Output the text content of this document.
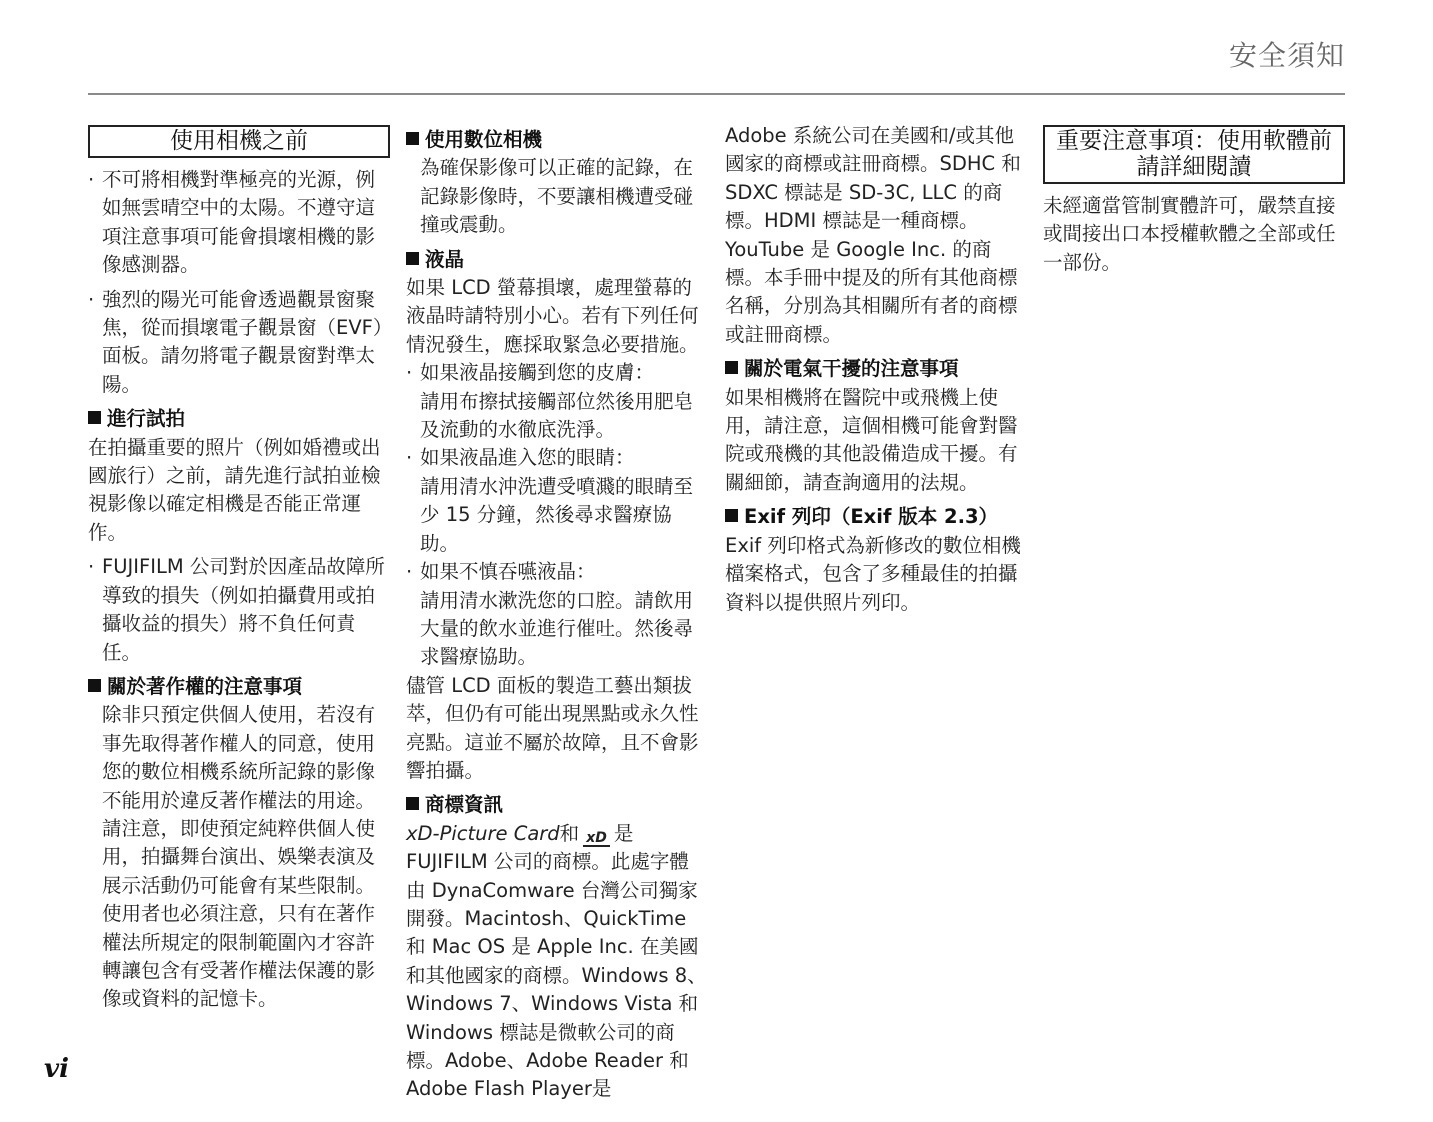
安全須知
使用相機之前

· 不可將相機對準極亮的光源，例如無雲晴空中的太陽。不遵守這項注意事項可能會損壞相機的影像感測器。

· 強烈的陽光可能會透過觀景窗聚焦，從而損壞電子觀景窗（EVF）面板。請勿將電子觀景窗對準太陽。

進行試拍

在拍攝重要的照片（例如婚禮或出國旅行）之前，請先進行試拍並檢視影像以確定相機是否能正常運作。

· FUJIFILM 公司對於因產品故障所導致的損失（例如拍攝費用或拍攝收益的損失）將不負任何責任。

關於著作權的注意事項

除非只預定供個人使用，若沒有事先取得著作權人的同意，使用您的數位相機系統所記錄的影像不能用於違反著作權法的用途。請注意，即使預定純粹供個人使用，拍攝舞台演出、娛樂表演及展示活動仍可能會有某些限制。使用者也必須注意，只有在著作權法所規定的限制範圍內才容許轉讓包含有受著作權法保護的影像或資料的記憶卡。

使用數位相機

為確保影像可以正確的記錄，在記錄影像時，不要讓相機遭受碰撞或震動。

液晶

如果 LCD 螢幕損壞，處理螢幕的液晶時請特別小心。若有下列任何情況發生，應採取緊急必要措施。

· 如果液晶接觸到您的皮膚：

請用布擦拭接觸部位然後用肥皂及流動的水徹底洗淨。

· 如果液晶進入您的眼睛：

請用清水沖洗遭受噴濺的眼睛至少 15 分鐘，然後尋求醫療協助。

· 如果不慎吞嚥液晶：

請用清水漱洗您的口腔。請飲用大量的飲水並進行催吐。然後尋求醫療協助。

儘管 LCD 面板的製造工藝出類拔萃，但仍有可能出現黑點或永久性亮點。這並不屬於故障，且不會影響拍攝。

商標資訊

xD-Picture Card和 xD 是
FUJIFILM 公司的商標。此處字體由 DynaComware 台灣公司獨家開發。Macintosh、QuickTime 和 Mac OS 是 Apple Inc. 在美國和其他國家的商標。Windows 8、Windows 7、Windows Vista 和 Windows 標誌是微軟公司的商標。Adobe、Adobe Reader 和 Adobe Flash Player是

Adobe 系統公司在美國和/或其他國家的商標或註冊商標。SDHC 和 SDXC 標誌是 SD-3C, LLC 的商標。HDMI 標誌是一種商標。YouTube 是 Google Inc. 的商標。本手冊中提及的所有其他商標名稱，分別為其相關所有者的商標或註冊商標。

關於電氣干擾的注意事項

如果相機將在醫院中或飛機上使用，請注意，這個相機可能會對醫院或飛機的其他設備造成干擾。有關細節，請查詢適用的法規。

Exif 列印（Exif 版本 2.3）

Exif 列印格式為新修改的數位相機檔案格式，包含了多種最佳的拍攝資料以提供照片列印。

重要注意事項：使用軟體前請詳細閱讀

未經適當管制實體許可，嚴禁直接或間接出口本授權軟體之全部或任一部份。

vi
